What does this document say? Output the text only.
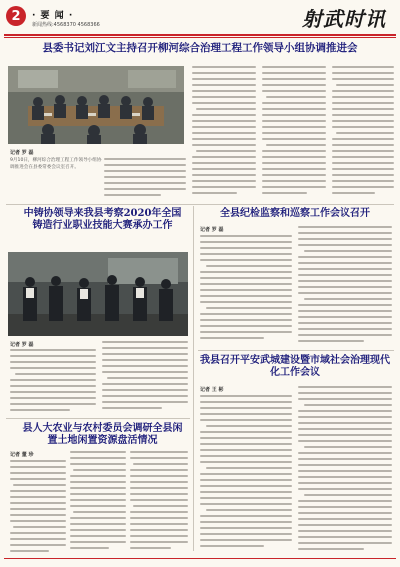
2	· 要 闻 ·
新闻热线:4568370 4568366	射武时讯
县委书记刘江文主持召开柳河综合治理工程工作领导小组协调推进会
记者 罗 磊
9月10日，柳河综合治理工程工作领导小组协调推进会在县委常委会议室召开。
中铸协领导来我县考察2020年全国铸造行业职业技能大赛承办工作
记者 罗 磊
全县纪检监察和巡察工作会议召开
记者 罗 磊
我县召开平安武城建设暨市域社会治理现代化工作会议
记者 王 彬
县人大农业与农村委员会调研全县闲置土地闲置资源盘活情况
记者 董 珍
